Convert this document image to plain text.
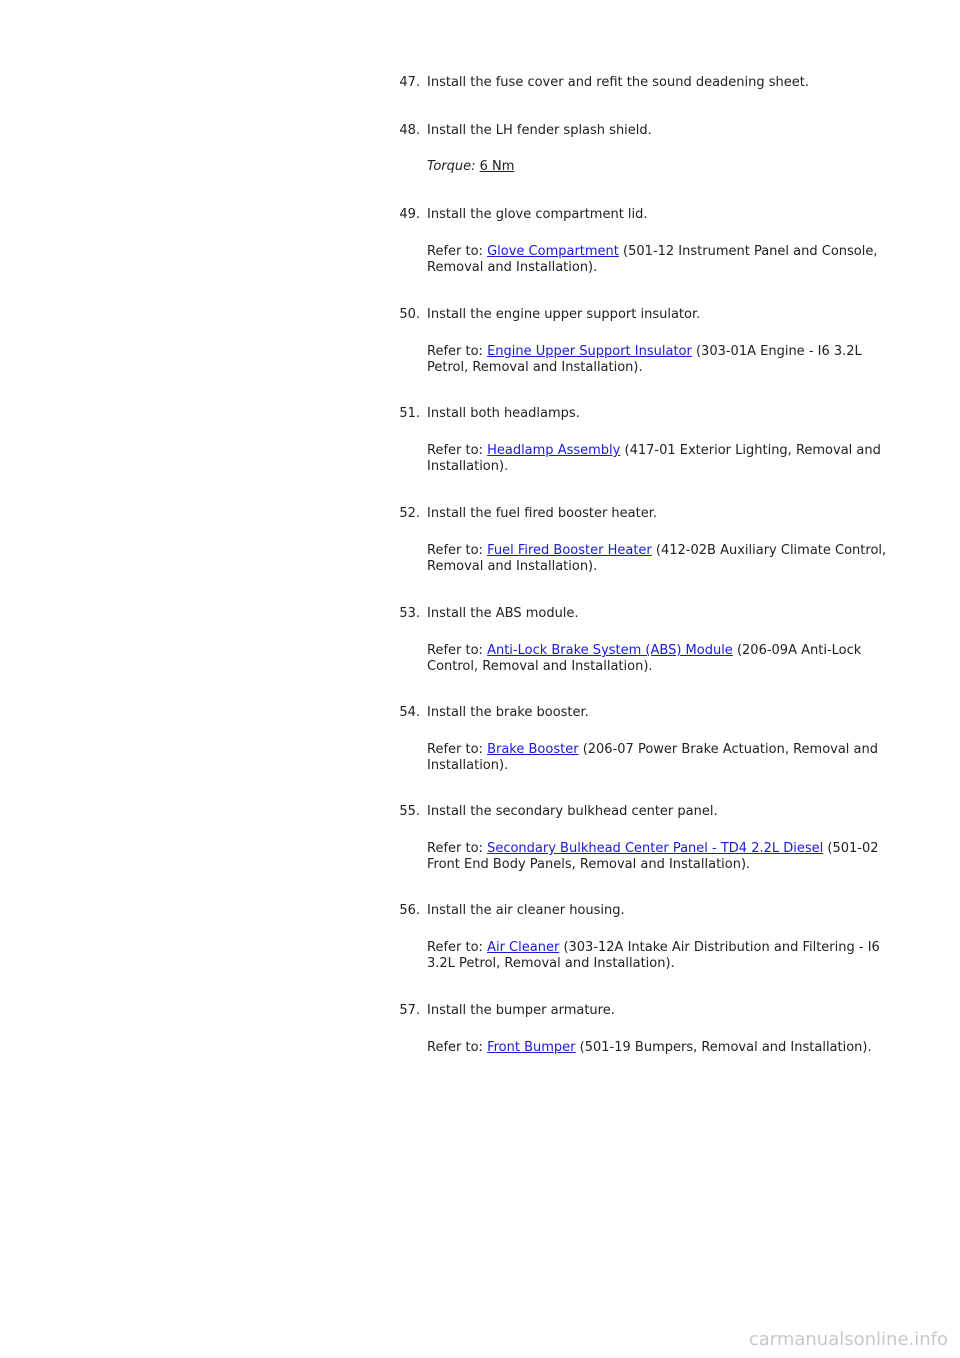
47. Install the fuse cover and refit the sound deadening sheet.
48. Install the LH fender splash shield.
Torque: 6 Nm
49. Install the glove compartment lid.
Refer to: Glove Compartment (501-12 Instrument Panel and Console, Removal and Installation).
50. Install the engine upper support insulator.
Refer to: Engine Upper Support Insulator (303-01A Engine - I6 3.2L Petrol, Removal and Installation).
51. Install both headlamps.
Refer to: Headlamp Assembly (417-01 Exterior Lighting, Removal and Installation).
52. Install the fuel fired booster heater.
Refer to: Fuel Fired Booster Heater (412-02B Auxiliary Climate Control, Removal and Installation).
53. Install the ABS module.
Refer to: Anti-Lock Brake System (ABS) Module (206-09A Anti-Lock Control, Removal and Installation).
54. Install the brake booster.
Refer to: Brake Booster (206-07 Power Brake Actuation, Removal and Installation).
55. Install the secondary bulkhead center panel.
Refer to: Secondary Bulkhead Center Panel - TD4 2.2L Diesel (501-02 Front End Body Panels, Removal and Installation).
56. Install the air cleaner housing.
Refer to: Air Cleaner (303-12A Intake Air Distribution and Filtering - I6 3.2L Petrol, Removal and Installation).
57. Install the bumper armature.
Refer to: Front Bumper (501-19 Bumpers, Removal and Installation).
carmanualsonline.info
